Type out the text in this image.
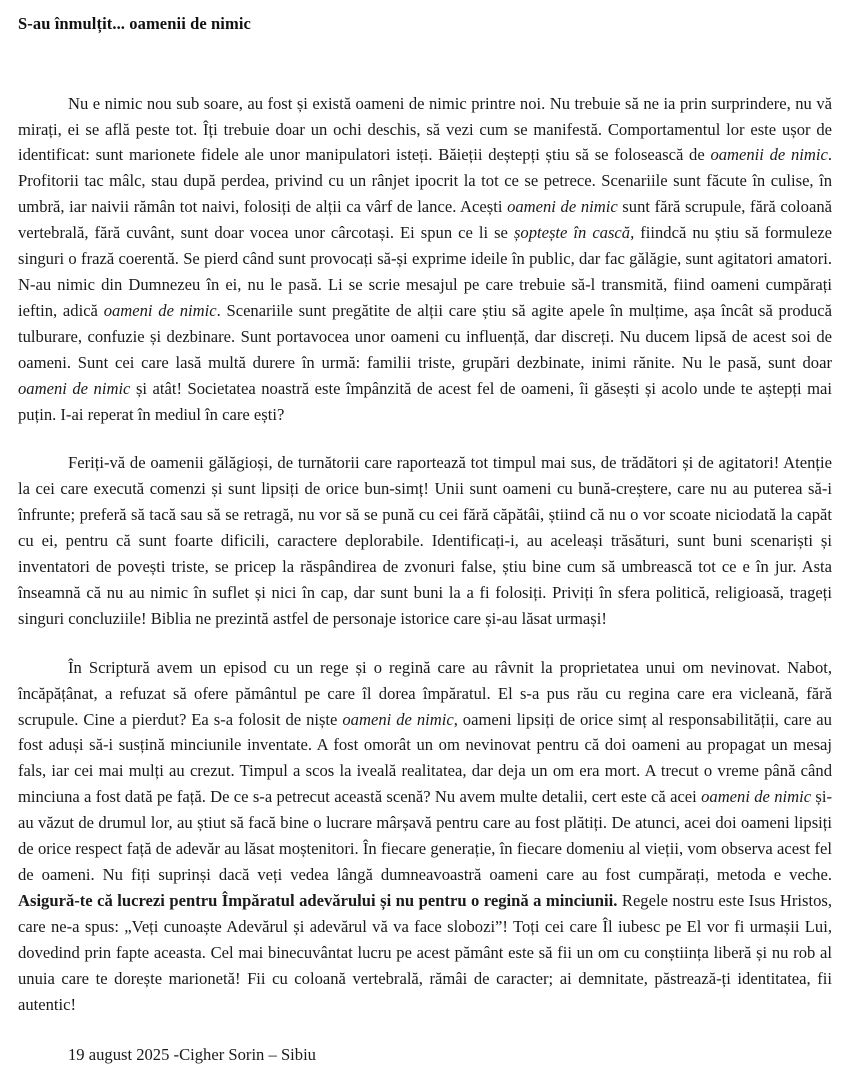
S-au înmulțit... oamenii de nimic

Nu e nimic nou sub soare, au fost și există oameni de nimic printre noi. Nu trebuie să ne ia prin surprindere, nu vă mirați, ei se află peste tot. Îți trebuie doar un ochi deschis, să vezi cum se manifestă. Comportamentul lor este ușor de identificat: sunt marionete fidele ale unor manipulatori isteți. Băieții deștepți știu să se folosească de oamenii de nimic. Profitorii tac mâlc, stau după perdea, privind cu un rânjet ipocrit la tot ce se petrece. Scenariile sunt făcute în culise, în umbră, iar naivii rămân tot naivi, folosiți de alții ca vârf de lance. Acești oameni de nimic sunt fără scrupule, fără coloană vertebrală, fără cuvânt, sunt doar vocea unor cârcotași. Ei spun ce li se șoptește în cască, fiindcă nu știu să formuleze singuri o frază coerentă. Se pierd când sunt provocați să-și exprime ideile în public, dar fac gălăgie, sunt agitatori amatori. N-au nimic din Dumnezeu în ei, nu le pasă. Li se scrie mesajul pe care trebuie să-l transmită, fiind oameni cumpărați ieftin, adică oameni de nimic. Scenariile sunt pregătite de alții care știu să agite apele în mulțime, așa încât să producă tulburare, confuzie și dezbinare. Sunt portavocea unor oameni cu influență, dar discreți. Nu ducem lipsă de acest soi de oameni. Sunt cei care lasă multă durere în urmă: familii triste, grupări dezbinate, inimi rănite. Nu le pasă, sunt doar oameni de nimic și atât! Societatea noastră este împânzită de acest fel de oameni, îi găsești și acolo unde te aștepți mai puțin. I-ai reperat în mediul în care ești?

Feriți-vă de oamenii gălăgioși, de turnătorii care raportează tot timpul mai sus, de trădători și de agitatori! Atenție la cei care execută comenzi și sunt lipsiți de orice bun-simț! Unii sunt oameni cu bună-creștere, care nu au puterea să-i înfrunte; preferă să tacă sau să se retragă, nu vor să se pună cu cei fără căpătâi, știind că nu o vor scoate niciodată la capăt cu ei, pentru că sunt foarte dificili, caractere deplorabile. Identificați-i, au aceleași trăsături, sunt buni scenariști și inventatori de povești triste, se pricep la răspândirea de zvonuri false, știu bine cum să umbrească tot ce e în jur. Asta înseamnă că nu au nimic în suflet și nici în cap, dar sunt buni la a fi folosiți. Priviți în sfera politică, religioasă, trageți singuri concluziile! Biblia ne prezintă astfel de personaje istorice care și-au lăsat urmași!

În Scriptură avem un episod cu un rege și o regină care au râvnit la proprietatea unui om nevinovat. Nabot, încăpățânat, a refuzat să ofere pământul pe care îl dorea împăratul. El s-a pus rău cu regina care era vicleană, fără scrupule. Cine a pierdut? Ea s-a folosit de niște oameni de nimic, oameni lipsiți de orice simț al responsabilității, care au fost aduși să-i susțină minciunile inventate. A fost omorât un om nevinovat pentru că doi oameni au propagat un mesaj fals, iar cei mai mulți au crezut. Timpul a scos la iveală realitatea, dar deja un om era mort. A trecut o vreme până când minciuna a fost dată pe față. De ce s-a petrecut această scenă? Nu avem multe detalii, cert este că acei oameni de nimic și-au văzut de drumul lor, au știut să facă bine o lucrare mârșavă pentru care au fost plătiți. De atunci, acei doi oameni lipsiți de orice respect față de adevăr au lăsat moștenitori. În fiecare generație, în fiecare domeniu al vieții, vom observa acest fel de oameni. Nu fiți suprinși dacă veți vedea lângă dumneavoastră oameni care au fost cumpărați, metoda e veche. Asigură-te că lucrezi pentru Împăratul adevărului și nu pentru o regină a minciunii. Regele nostru este Isus Hristos, care ne-a spus: „Veți cunoaște Adevărul și adevărul vă va face slobozi”! Toți cei care Îl iubesc pe El vor fi urmașii Lui, dovedind prin fapte aceasta. Cel mai binecuvântat lucru pe acest pământ este să fii un om cu conștiința liberă și nu rob al unuia care te dorește marionetă! Fii cu coloană vertebrală, rămâi de caracter; ai demnitate, păstrează-ți identitatea, fii autentic!

19 august 2025 -Cigher Sorin – Sibiu
